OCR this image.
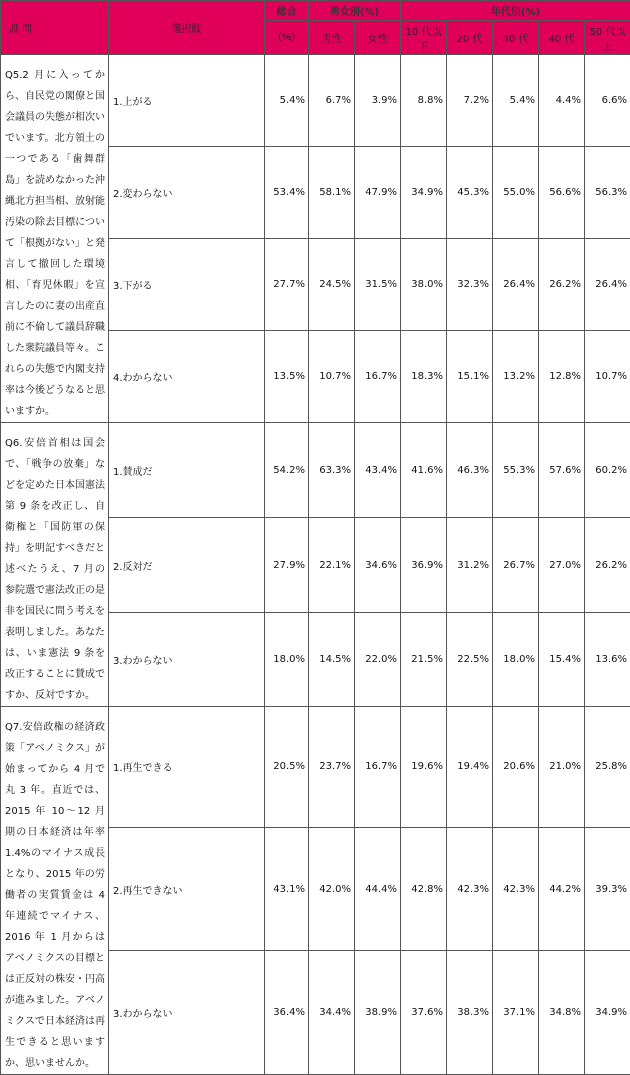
設 問	選択肢	総合	男女別(%)		年代別(%)				
		(%)	男性	女性	10 代以下	20 代	30 代	40 代	50 代以上
Q5.2 月に入ってから、自民党の閣僚と国会議員の失態が相次いでいます。北方領土の一つである「歯舞群島」を読めなかった沖縄北方担当相、放射能汚染の除去目標について「根拠がない」と発言して撤回した環境相、「育児休暇」を宣言したのに妻の出産直前に不倫して議員辞職した衆院議員等々。これらの失態で内閣支持率は今後どうなると思いますか。	1.上がる	5.4%	6.7%	3.9%	8.8%	7.2%	5.4%	4.4%	6.6%
	2.変わらない	53.4%	58.1%	47.9%	34.9%	45.3%	55.0%	56.6%	56.3%
	3.下がる	27.7%	24.5%	31.5%	38.0%	32.3%	26.4%	26.2%	26.4%
	4.わからない	13.5%	10.7%	16.7%	18.3%	15.1%	13.2%	12.8%	10.7%
Q6.安倍首相は国会で、「戦争の放棄」などを定めた日本国憲法第 9 条を改正し、自衛権と「国防軍の保持」を明記すべきだと述べたうえ、7 月の参院選で憲法改正の是非を国民に問う考えを表明しました。あなたは、いま憲法 9 条を改正することに賛成ですか、反対ですか。	1.賛成だ	54.2%	63.3%	43.4%	41.6%	46.3%	55.3%	57.6%	60.2%
	2.反対だ	27.9%	22.1%	34.6%	36.9%	31.2%	26.7%	27.0%	26.2%
	3.わからない	18.0%	14.5%	22.0%	21.5%	22.5%	18.0%	15.4%	13.6%
Q7.安倍政権の経済政策「アベノミクス」が始まってから 4 月で丸 3 年。直近では、2015 年 10～12 月期の日本経済は年率 1.4%のマイナス成長となり、2015 年の労働者の実質賃金は 4 年連続でマイナス、2016 年 1 月からはアベノミクスの目標とは正反対の株安・円高が進みました。アベノミクスで日本経済は再生できると思いますか、思いませんか。	1.再生できる	20.5%	23.7%	16.7%	19.6%	19.4%	20.6%	21.0%	25.8%
	2.再生できない	43.1%	42.0%	44.4%	42.8%	42.3%	42.3%	44.2%	39.3%
	3.わからない	36.4%	34.4%	38.9%	37.6%	38.3%	37.1%	34.8%	34.9%
